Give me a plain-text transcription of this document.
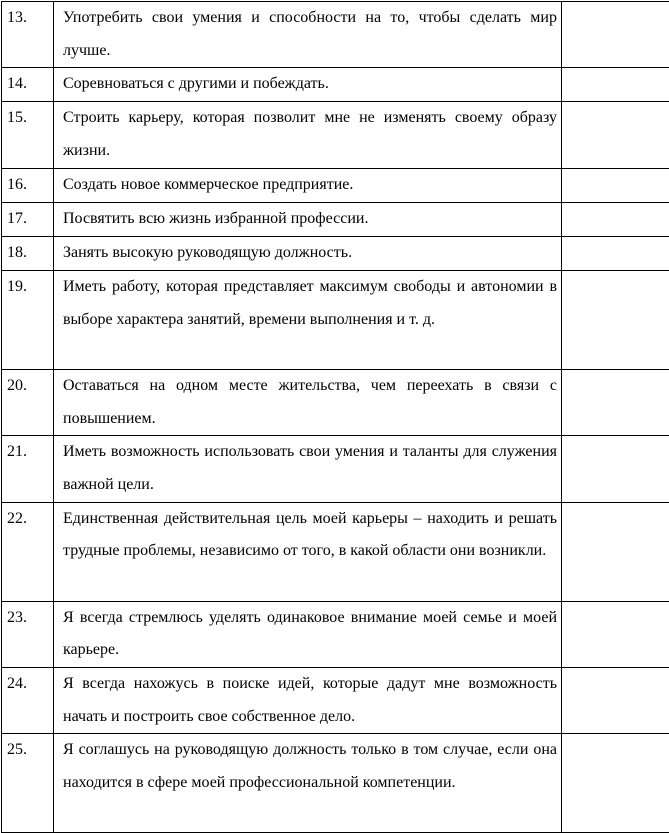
13.	Употребить свои умения и способности на то, чтобы сделать мир лучше.	

14.	Соревноваться с другими и побеждать.	

15.	Строить карьеру, которая позволит мне не изменять своему образу жизни.	

16.	Создать новое коммерческое предприятие.	

17.	Посвятить всю жизнь избранной профессии.	

18.	Занять высокую руководящую должность.	

19.	Иметь работу, которая представляет максимум свободы и автономии в выборе характера занятий, времени выполнения и т. д.	

20.	Оставаться на одном месте жительства, чем переехать в связи с повышением.	

21.	Иметь возможность использовать свои умения и таланты для служения важной цели.	

22.	Единственная действительная цель моей карьеры – находить и решать трудные проблемы, независимо от того, в какой области они возникли.	

23.	Я всегда стремлюсь уделять одинаковое внимание моей семье и моей карьере.	

24.	Я всегда нахожусь в поиске идей, которые дадут мне возможность начать и построить свое собственное дело.	

25.	Я соглашусь на руководящую должность только в том случае, если она находится в сфере моей профессиональной компетенции.	
